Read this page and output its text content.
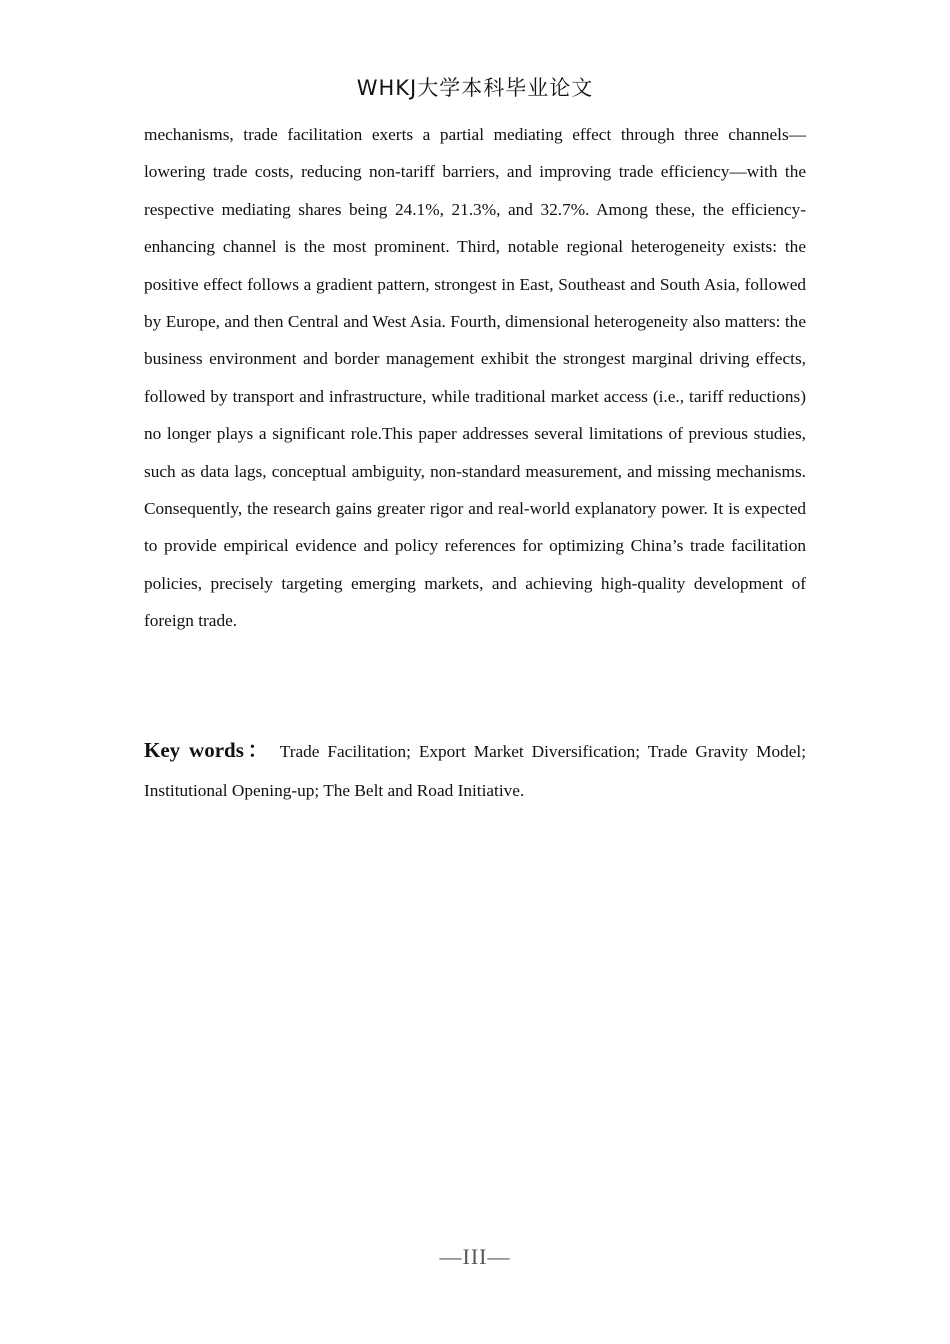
WHKJ大学本科毕业论文

mechanisms, trade facilitation exerts a partial mediating effect through three channels—lowering trade costs, reducing non-tariff barriers, and improving trade efficiency—with the respective mediating shares being 24.1%, 21.3%, and 32.7%. Among these, the efficiency-enhancing channel is the most prominent. Third, notable regional heterogeneity exists: the positive effect follows a gradient pattern, strongest in East, Southeast and South Asia, followed by Europe, and then Central and West Asia. Fourth, dimensional heterogeneity also matters: the business environment and border management exhibit the strongest marginal driving effects, followed by transport and infrastructure, while traditional market access (i.e., tariff reductions) no longer plays a significant role.This paper addresses several limitations of previous studies, such as data lags, conceptual ambiguity, non-standard measurement, and missing mechanisms. Consequently, the research gains greater rigor and real-world explanatory power. It is expected to provide empirical evidence and policy references for optimizing China’s trade facilitation policies, precisely targeting emerging markets, and achieving high-quality development of foreign trade.

Key words： Trade Facilitation; Export Market Diversification; Trade Gravity Model; Institutional Opening-up; The Belt and Road Initiative.

—III—
